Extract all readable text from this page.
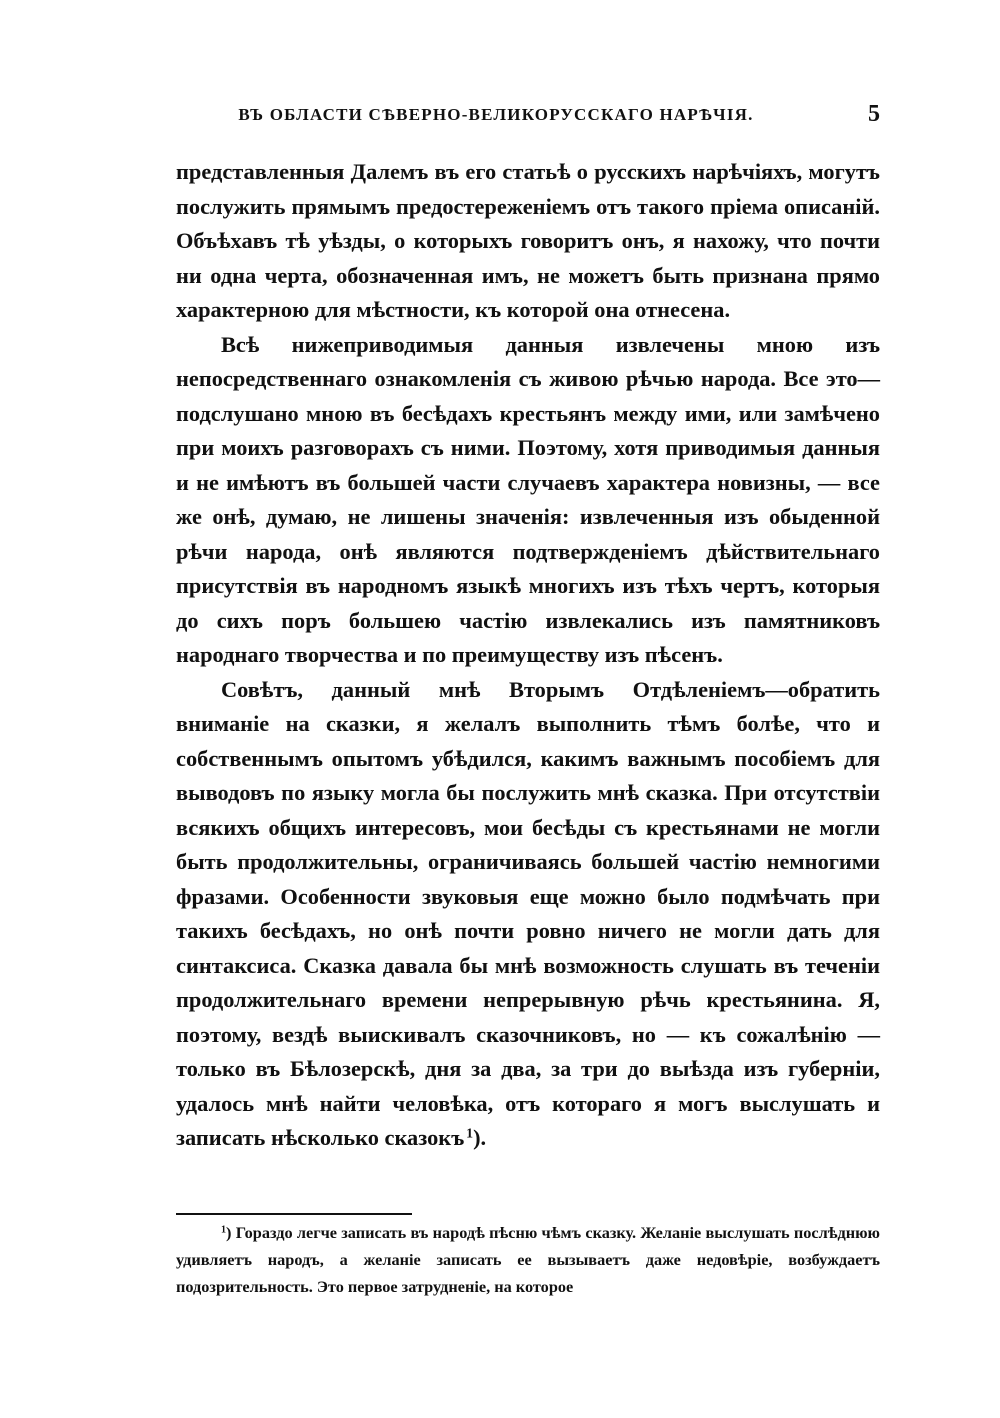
ВЪ ОБЛАСТИ СѢВЕРНО-ВЕЛИКОРУССКАГО НАРѢЧІЯ.	5

представленныя Далемъ въ его статьѣ о русскихъ нарѣчіяхъ, могутъ послужить прямымъ предостереженіемъ отъ такого пріема описаній. Объѣхавъ тѣ уѣзды, о которыхъ говоритъ онъ, я нахожу, что почти ни одна черта, обозначенная имъ, не можетъ быть признана прямо характерною для мѣстности, къ которой она отнесена.

Всѣ нижеприводимыя данныя извлечены мною изъ непосредственнаго ознакомленія съ живою рѣчью народа. Все это—подслушано мною въ бесѣдахъ крестьянъ между ими, или замѣчено при моихъ разговорахъ съ ними. Поэтому, хотя приводимыя данныя и не имѣютъ въ большей части случаевъ характера новизны, — все же онѣ, думаю, не лишены значенія: извлеченныя изъ обыденной рѣчи народа, онѣ являются подтвержденіемъ дѣйствительнаго присутствія въ народномъ языкѣ многихъ изъ тѣхъ чертъ, которыя до сихъ поръ большею частію извлекались изъ памятниковъ народнаго творчества и по преимуществу изъ пѣсенъ.

Совѣтъ, данный мнѣ Вторымъ Отдѣленіемъ—обратить вниманіе на сказки, я желалъ выполнить тѣмъ болѣе, что и собственнымъ опытомъ убѣдился, какимъ важнымъ пособіемъ для выводовъ по языку могла бы послужить мнѣ сказка. При отсутствіи всякихъ общихъ интересовъ, мои бесѣды съ крестьянами не могли быть продолжительны, ограничиваясь большей частію немногими фразами. Особенности звуковыя еще можно было подмѣчать при такихъ бесѣдахъ, но онѣ почти ровно ничего не могли дать для синтаксиса. Сказка давала бы мнѣ возможность слушать въ теченіи продолжительнаго времени непрерывную рѣчь крестьянина. Я, поэтому, вездѣ выискивалъ сказочниковъ, но — къ сожалѣнію — только въ Бѣлозерскѣ, дня за два, за три до выѣзда изъ губерніи, удалось мнѣ найти человѣка, отъ котораго я могъ выслушать и записать нѣсколько сказокъ  $^1$).

$^1$) Гораздо легче записать въ народѣ пѣсню чѣмъ сказку. Желаніе выслушать послѣднюю удивляетъ народъ, а желаніе записать ее вызываетъ даже недовѣріе, возбуждаетъ подозрительность. Это первое затрудненіе, на которое
